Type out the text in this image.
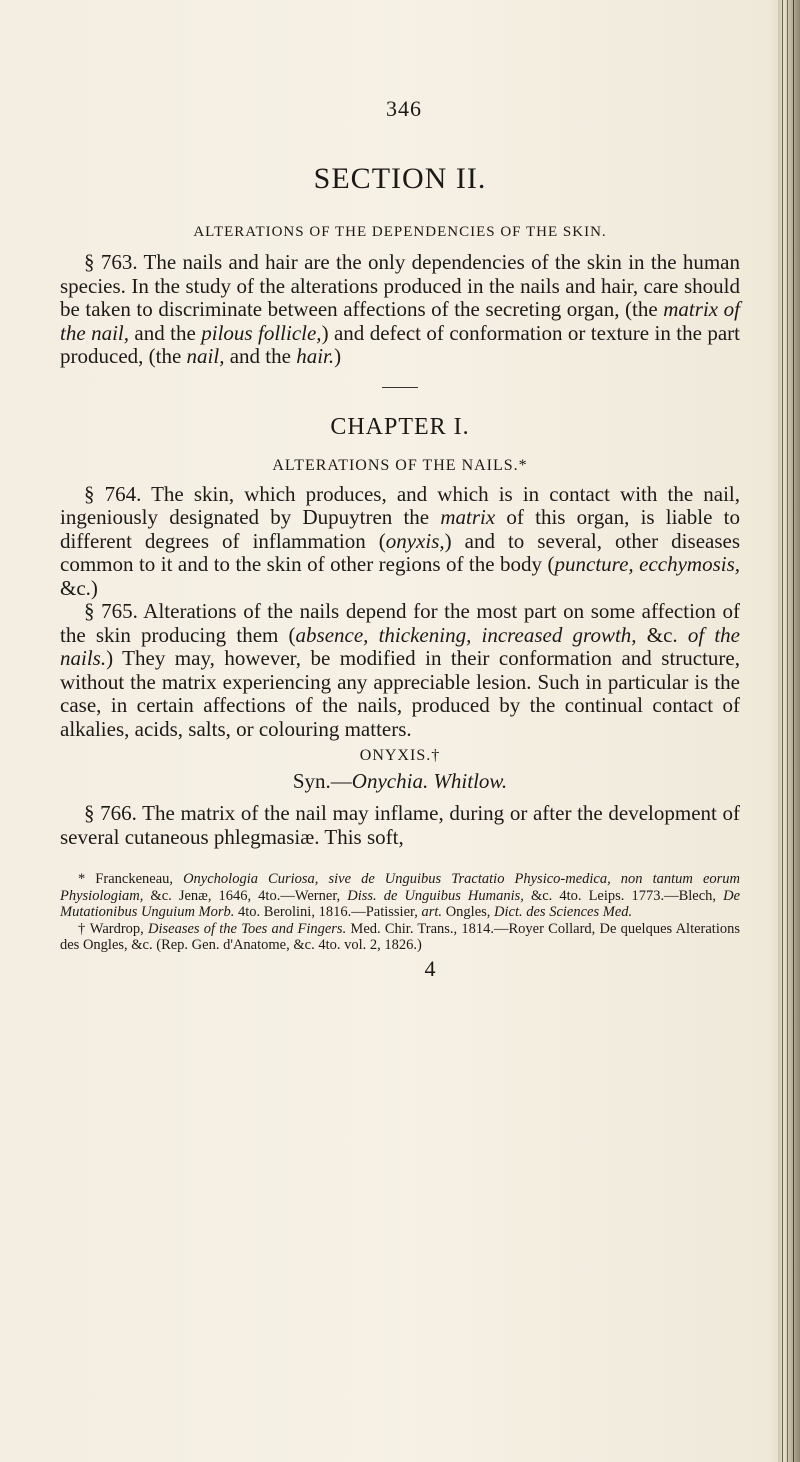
346
SECTION II.
ALTERATIONS OF THE DEPENDENCIES OF THE SKIN.

§ 763. The nails and hair are the only dependencies of the skin in the human species. In the study of the alterations produced in the nails and hair, care should be taken to discriminate between affections of the secreting organ, (the matrix of the nail, and the pilous follicle,) and defect of conformation or texture in the part produced, (the nail, and the hair.)

CHAPTER I.
ALTERATIONS OF THE NAILS.*

§ 764. The skin, which produces, and which is in contact with the nail, ingeniously designated by Dupuytren the matrix of this organ, is liable to different degrees of inflammation (onyxis,) and to several, other diseases common to it and to the skin of other regions of the body (puncture, ecchymosis, &c.)

§ 765. Alterations of the nails depend for the most part on some affection of the skin producing them (absence, thickening, increased growth, &c. of the nails.) They may, however, be modified in their conformation and structure, without the matrix experiencing any appreciable lesion. Such in particular is the case, in certain affections of the nails, produced by the continual contact of alkalies, acids, salts, or colouring matters.

ONYXIS.†
Syn.—Onychia. Whitlow.

§ 766. The matrix of the nail may inflame, during or after the development of several cutaneous phlegmasiæ. This soft,

* Franckeneau, Onychologia Curiosa, sive de Unguibus Tractatio Physico-medica, non tantum eorum Physiologiam, &c. Jenæ, 1646, 4to.—Werner, Diss. de Unguibus Humanis, &c. 4to. Leips. 1773.—Blech, De Mutationibus Unguium Morb. 4to. Berolini, 1816.—Patissier, art. Ongles, Dict. des Sciences Med.

† Wardrop, Diseases of the Toes and Fingers. Med. Chir. Trans., 1814.—Royer Collard, De quelques Alterations des Ongles, &c. (Rep. Gen. d'Anatome, &c. 4to. vol. 2, 1826.)

4
